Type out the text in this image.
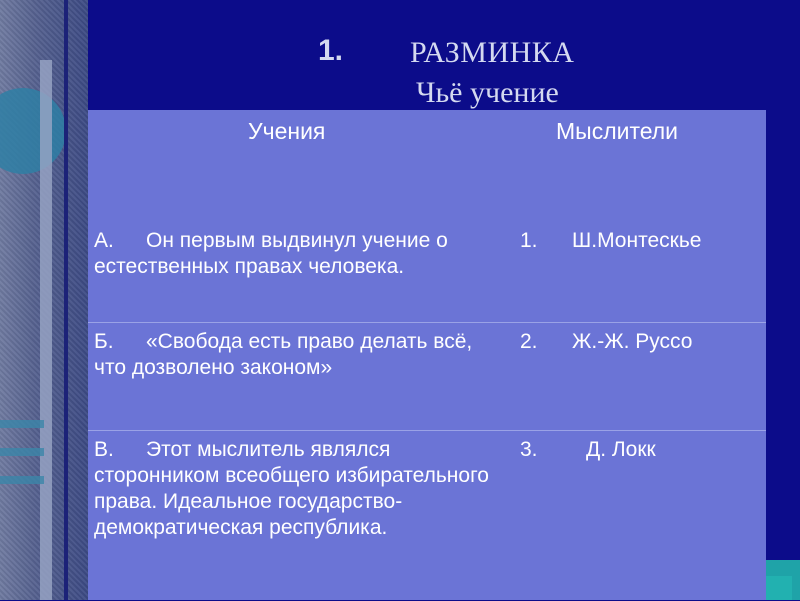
1. РАЗМИНКА
Чьё учение
Учения	Мыслители
А. Он первым выдвинул учение о естественных правах человека.
1. Ш.Монтескье
Б. «Свобода есть право делать всё, что дозволено законом»
2. Ж.-Ж. Руссо
В. Этот мыслитель являлся сторонником всеобщего избирательного права. Идеальное государство-демократическая республика.
3. Д. Локк
